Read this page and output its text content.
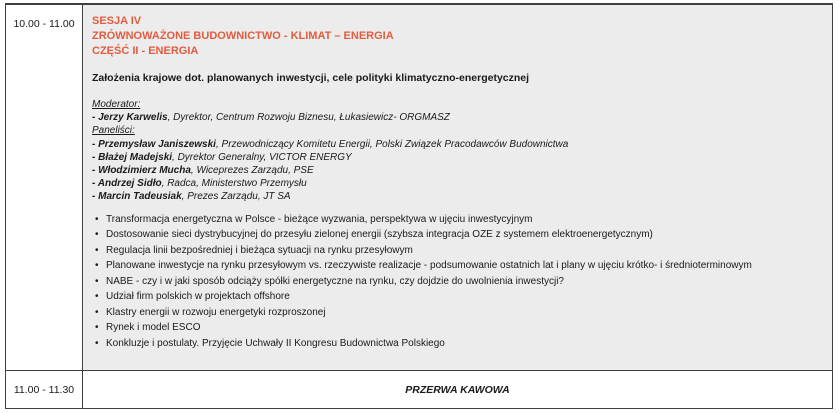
10.00 - 11.00	SESJA IV
ZRÓWNOWAŻONE BUDOWNICTWO - KLIMAT – ENERGIA
CZĘŚĆ II - ENERGIA
Założenia krajowe dot. planowanych inwestycji, cele polityki klimatyczno-energetycznej
Moderator:
- Jerzy Karwelis, Dyrektor, Centrum Rozwoju Biznesu, Łukasiewicz- ORGMASZ
Paneliści:
- Przemysław Janiszewski, Przewodniczący Komitetu Energii, Polski Związek Pracodawców Budownictwa
- Błażej Madejski, Dyrektor Generalny, VICTOR ENERGY
- Włodzimierz Mucha, Wiceprezes Zarządu, PSE
- Andrzej Sidło, Radca, Ministerstwo Przemysłu
- Marcin Tadeusiak, Prezes Zarządu, JT SA
• Transformacja energetyczna w Polsce - bieżące wyzwania, perspektywa w ujęciu inwestycyjnym
• Dostosowanie sieci dystrybucyjnej do przesyłu zielonej energii (szybsza integracja OZE z systemem elektroenergetycznym)
• Regulacja linii bezpośredniej i bieżąca sytuacji na rynku przesyłowym
• Planowane inwestycje na rynku przesyłowym vs. rzeczywiste realizacje - podsumowanie ostatnich lat i plany w ujęciu krótko- i średnioterminowym
• NABE - czy i w jaki sposób odciąży spółki energetyczne na rynku, czy dojdzie do uwolnienia inwestycji?
• Udział firm polskich w projektach offshore
• Klastry energii w rozwoju energetyki rozproszonej
• Rynek i model ESCO
• Konkluzje i postulaty. Przyjęcie Uchwały II Kongresu Budownictwa Polskiego
11.00 - 11.30	PRZERWA KAWOWA
